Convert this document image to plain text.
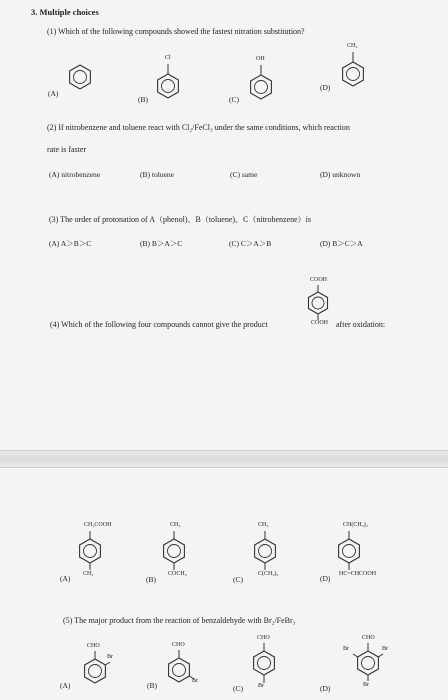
3. Multiple choices
(1) Which of the following compounds showed the fastest nitration substitution?
(A)
Cl
(B)
OH
(C)
CH₃
(D)
(2) If nitrobenzene and toluene react with Cl₂/FeCl₃ under the same conditions, which reaction
rate is faster
(A) nitrobenzene	(B) toluene	(C) same	(D) unknown
(3) The order of protonation of A（phenol)、B（toluene)、C（nitrobenzene）is
(A) A＞B＞C	(B) B＞A＞C	(C) C＞A＞B	(D) B＞C＞A
COOH
(4) Which of the following four compounds cannot give the product	COOH after oxidation:
CH₂COOH
CH₃
(A)
CH₃
COCH₃
(B)
CH₃
C(CH₃)₃
(C)
CH(CH₃)₂
HC=CHCOOH
(D)
(5) The major product from the reaction of benzaldehyde with Br₂/FeBr₃
CHO
Br
(A)
CHO
Br
(B)
CHO
Br
(C)
CHO
Br	Br
Br
(D)
